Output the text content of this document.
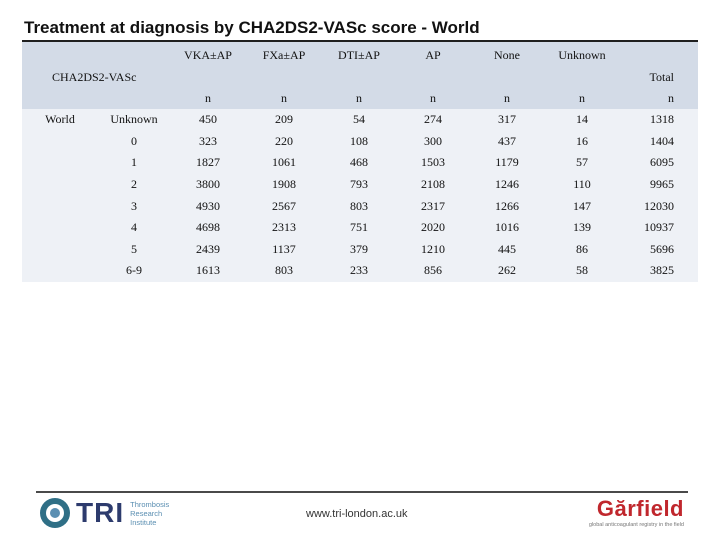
Treatment at diagnosis by CHA2DS2-VASc score - World
		VKA±AP	FXa±AP	DTI±AP	AP	None	Unknown	
CHA2DS2-VASc								Total
		n	n	n	n	n	n	n
World	Unknown	450	209	54	274	317	14	1318
	0	323	220	108	300	437	16	1404
	1	1827	1061	468	1503	1179	57	6095
	2	3800	1908	793	2108	1246	110	9965
	3	4930	2567	803	2317	1266	147	12030
	4	4698	2313	751	2020	1016	139	10937
	5	2439	1137	379	1210	445	86	5696
	6-9	1613	803	233	856	262	58	3825
TRI Thrombosis
Research
Institute
www.tri-london.ac.uk	Gărfield
global anticoagulant registry in the field
